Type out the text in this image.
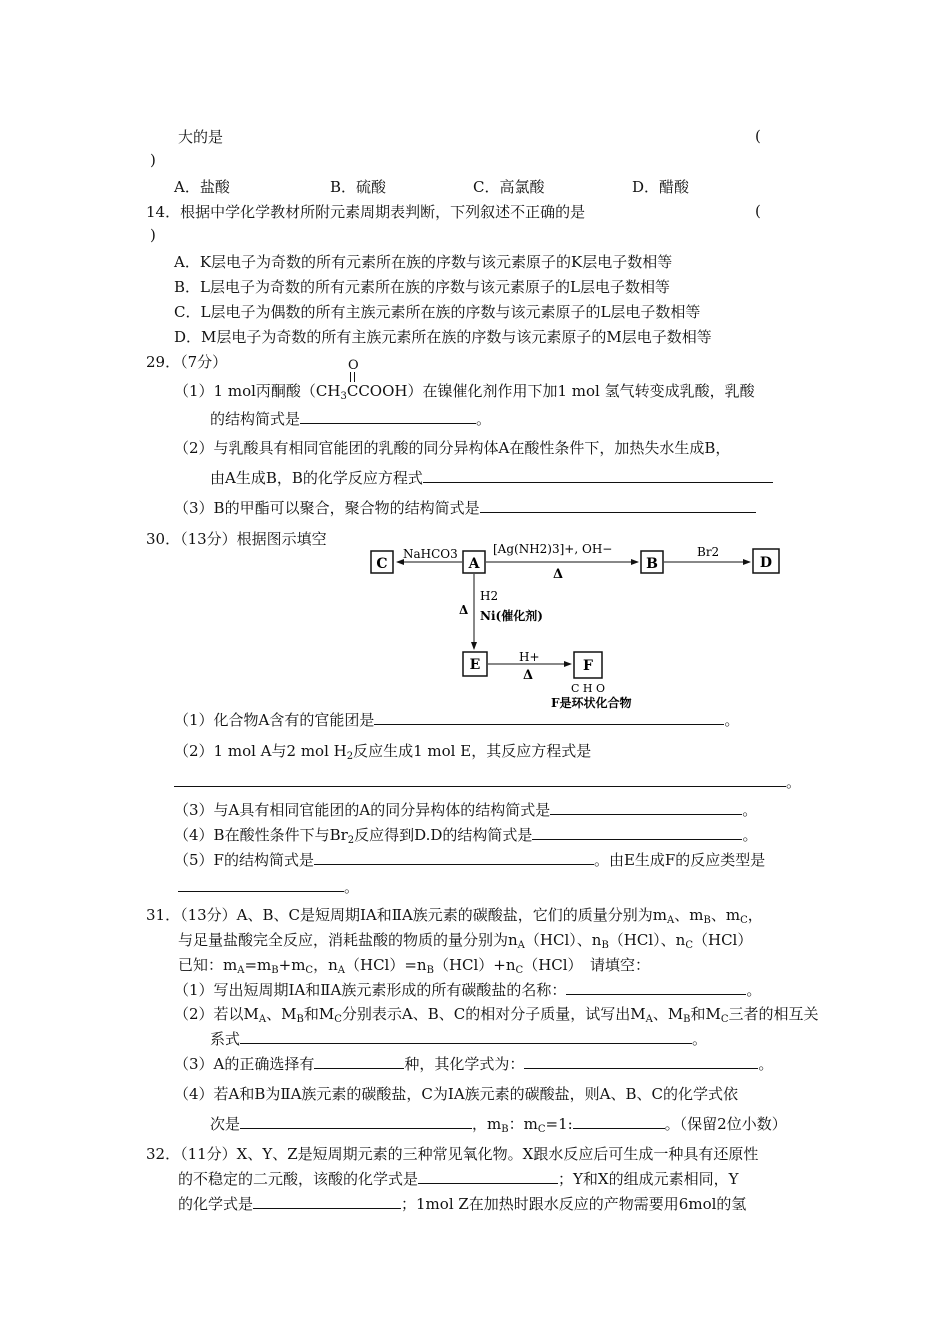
大的是	(
)
A．盐酸	B．硫酸	C．高氯酸	D．醋酸
14．根据中学化学教材所附元素周期表判断，下列叙述不正确的是	(
)
A．K层电子为奇数的所有元素所在族的序数与该元素原子的K层电子数相等
B．L层电子为奇数的所有元素所在族的序数与该元素原子的L层电子数相等
C．L层电子为偶数的所有主族元素所在族的序数与该元素原子的L层电子数相等
D．M层电子为奇数的所有主族元素所在族的序数与该元素原子的M层电子数相等
29．（7分）	O
（1）1 mol丙酮酸$(CH_3CCOOH)$在镍催化剂作用下加1 mol 氢气转变成乳酸，乳酸
的结构简式是	。
（2）与乳酸具有相同官能团的乳酸的同分异构体A在酸性条件下，加热失水生成B，
由A生成B，B的化学反应方程式
（3）B的甲酯可以聚合，聚合物的结构简式是
30．（13分）根据图示填空
C	A	B	D
E	F
NaHCO3	[Ag(NH2)3]+, OH−
Δ
Br2
H2
Δ Ni(催化剂)
H+
Δ
C H O
F是环状化合物
（1）化合物A含有的官能团是	。
（2）1 mol A与2 mol $H_2$反应生成1 mol E，其反应方程式是
。
（3）与A具有相同官能团的A的同分异构体的结构简式是	。
（4）B在酸性条件下与$Br_2$反应得到D.D的结构简式是	。
（5）F的结构简式是	。由E生成F的反应类型是
。
31．（13分）A、B、C是短周期ⅠA和ⅡA族元素的碳酸盐，它们的质量分别为$m_A$、$m_B$、$m_C$，
与足量盐酸完全反应，消耗盐酸的物质的量分别为$n_A(HCl)$、$n_B(HCl)$、$n_C(HCl)$
已知：$m_A=m_B+m_C$，$n_A(HCl)=n_B(HCl)+n_C(HCl)$　请填空：
（1）写出短周期ⅠA和ⅡA族元素形成的所有碳酸盐的名称：	。
（2）若以$M_A$、$M_B$和$M_C$分别表示A、B、C的相对分子质量，试写出$M_A$、$M_B$和$M_C$三者的相互关
系式	。
（3）A的正确选择有	种，其化学式为：	。
（4）若A和B为ⅡA族元素的碳酸盐，C为ⅠA族元素的碳酸盐，则A、B、C的化学式依
次是	，$m_B$：$m_C=1$:	。（保留2位小数）
32．（11分）X、Y、Z是短周期元素的三种常见氧化物。X跟水反应后可生成一种具有还原性
的不稳定的二元酸，该酸的化学式是	；Y和X的组成元素相同，Y
的化学式是	；1mol Z在加热时跟水反应的产物需要用6mol的氢
